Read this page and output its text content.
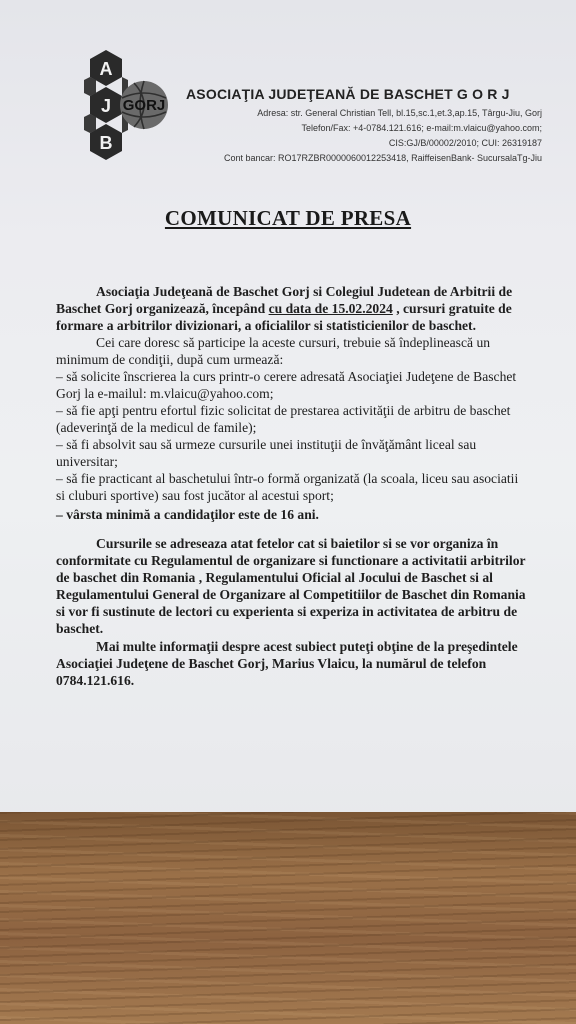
A
J
B
GORJ
ASOCIAŢIA JUDEŢEANĂ DE BASCHET G O R J
Adresa: str. General Christian Tell, bl.15,sc.1,et.3,ap.15, Târgu-Jiu, Gorj
Telefon/Fax: +4-0784.121.616; e-mail:m.vlaicu@yahoo.com;
CIS:GJ/B/00002/2010; CUI: 26319187
Cont bancar: RO17RZBR0000060012253418, RaiffeisenBank- SucursalaTg-Jiu
COMUNICAT DE PRESA

Asociaţia Judeţeană de Baschet Gorj si Colegiul Judetean de Arbitrii de Baschet Gorj organizează, începând cu data de 15.02.2024 , cursuri gratuite de formare a arbitrilor divizionari, a oficialilor si statisticienilor de baschet.

Cei care doresc să participe la aceste cursuri, trebuie să îndeplinească un minimum de condiţii, după cum urmează:

– să solicite înscrierea la curs printr-o cerere adresată Asociaţiei Judeţene de Baschet Gorj la e-mailul: m.vlaicu@yahoo.com;

– să fie apţi pentru efortul fizic solicitat de prestarea activităţii de arbitru de baschet (adeverinţă de la medicul de famile);

– să fi absolvit sau să urmeze cursurile unei instituţii de învăţământ liceal sau universitar;

– să fie practicant al baschetului într-o formă organizată (la scoala, liceu sau asociatii si cluburi sportive) sau fost jucător al acestui sport;

– vârsta minimă a candidaţilor este de 16 ani.

Cursurile se adreseaza atat fetelor cat si baietilor si se vor organiza în conformitate cu Regulamentul de organizare si functionare a activitatii arbitrilor de baschet din Romania , Regulamentului Oficial al Jocului de Baschet si al Regulamentului General de Organizare al Competitiilor de Baschet din Romania si vor fi sustinute de lectori cu experienta si experiza in activitatea de arbitru de baschet.

Mai multe informaţii despre acest subiect puteţi obţine de la preşedintele Asociaţiei Judeţene de Baschet Gorj, Marius Vlaicu, la numărul de telefon 0784.121.616.
